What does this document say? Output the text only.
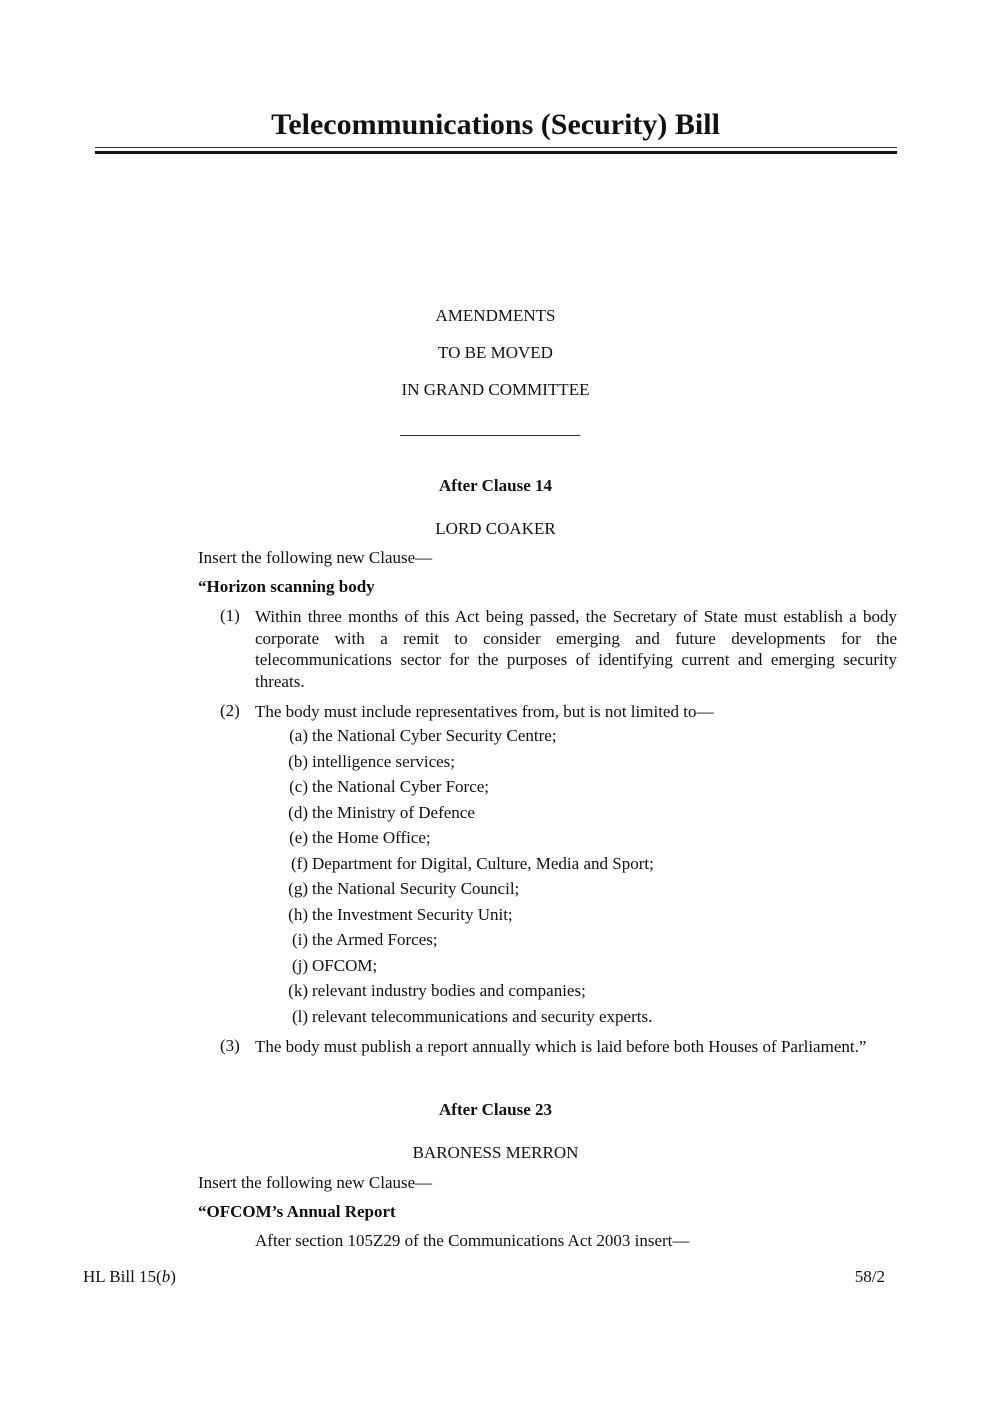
Telecommunications (Security) Bill
AMENDMENTS
TO BE MOVED
IN GRAND COMMITTEE
After Clause 14
LORD COAKER
Insert the following new Clause—
“Horizon scanning body
(1) Within three months of this Act being passed, the Secretary of State must establish a body corporate with a remit to consider emerging and future developments for the telecommunications sector for the purposes of identifying current and emerging security threats.
(2) The body must include representatives from, but is not limited to—
(a) the National Cyber Security Centre;
(b) intelligence services;
(c) the National Cyber Force;
(d) the Ministry of Defence
(e) the Home Office;
(f) Department for Digital, Culture, Media and Sport;
(g) the National Security Council;
(h) the Investment Security Unit;
(i) the Armed Forces;
(j) OFCOM;
(k) relevant industry bodies and companies;
(l) relevant telecommunications and security experts.
(3) The body must publish a report annually which is laid before both Houses of Parliament.”
After Clause 23
BARONESS MERRON
Insert the following new Clause—
“OFCOM’s Annual Report
After section 105Z29 of the Communications Act 2003 insert—
HL Bill 15(b)	58/2
